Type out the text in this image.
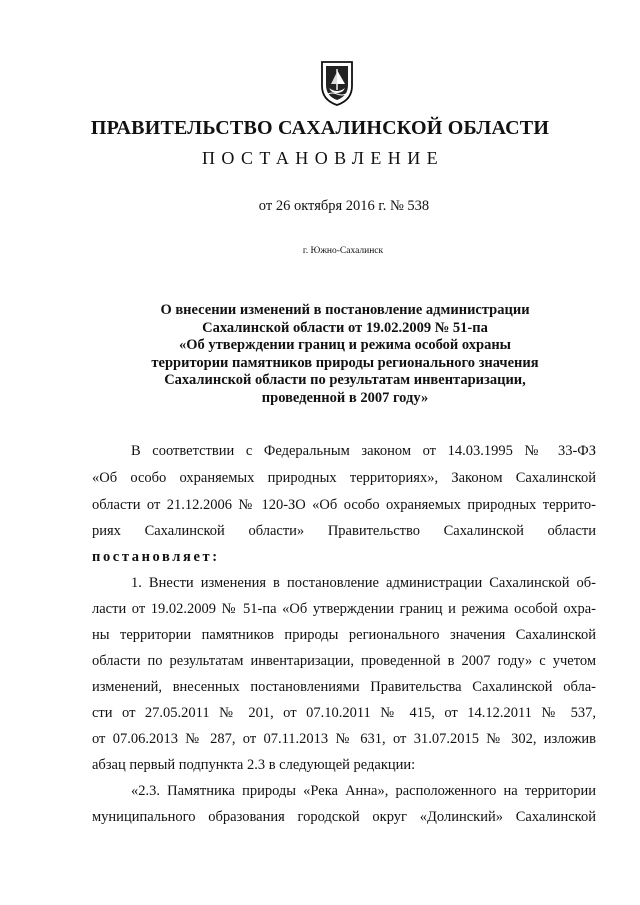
ПРАВИТЕЛЬСТВО САХАЛИНСКОЙ ОБЛАСТИ
ПОСТАНОВЛЕНИЕ
от 26 октября 2016 г. № 538
г. Южно-Сахалинск
О внесении изменений в постановление администрации
Сахалинской области от 19.02.2009 № 51-па
«Об утверждении границ и режима особой охраны
территории памятников природы регионального значения
Сахалинской области по результатам инвентаризации,
проведенной в 2007 году»
В соответствии с Федеральным законом от 14.03.1995 № 33-ФЗ
«Об особо охраняемых природных территориях», Законом Сахалинской
области от 21.12.2006 № 120-ЗО «Об особо охраняемых природных террито-
риях Сахалинской области» Правительство Сахалинской области
постановляет:
1. Внести изменения в постановление администрации Сахалинской об-
ласти от 19.02.2009 № 51-па «Об утверждении границ и режима особой охра-
ны территории памятников природы регионального значения Сахалинской
области по результатам инвентаризации, проведенной в 2007 году» с учетом
изменений, внесенных постановлениями Правительства Сахалинской обла-
сти от 27.05.2011 № 201, от 07.10.2011 № 415, от 14.12.2011 № 537,
от 07.06.2013 № 287, от 07.11.2013 № 631, от 31.07.2015 № 302, изложив
абзац первый подпункта 2.3 в следующей редакции:
«2.3. Памятника природы «Река Анна», расположенного на территории
муниципального образования городской округ «Долинский» Сахалинской
